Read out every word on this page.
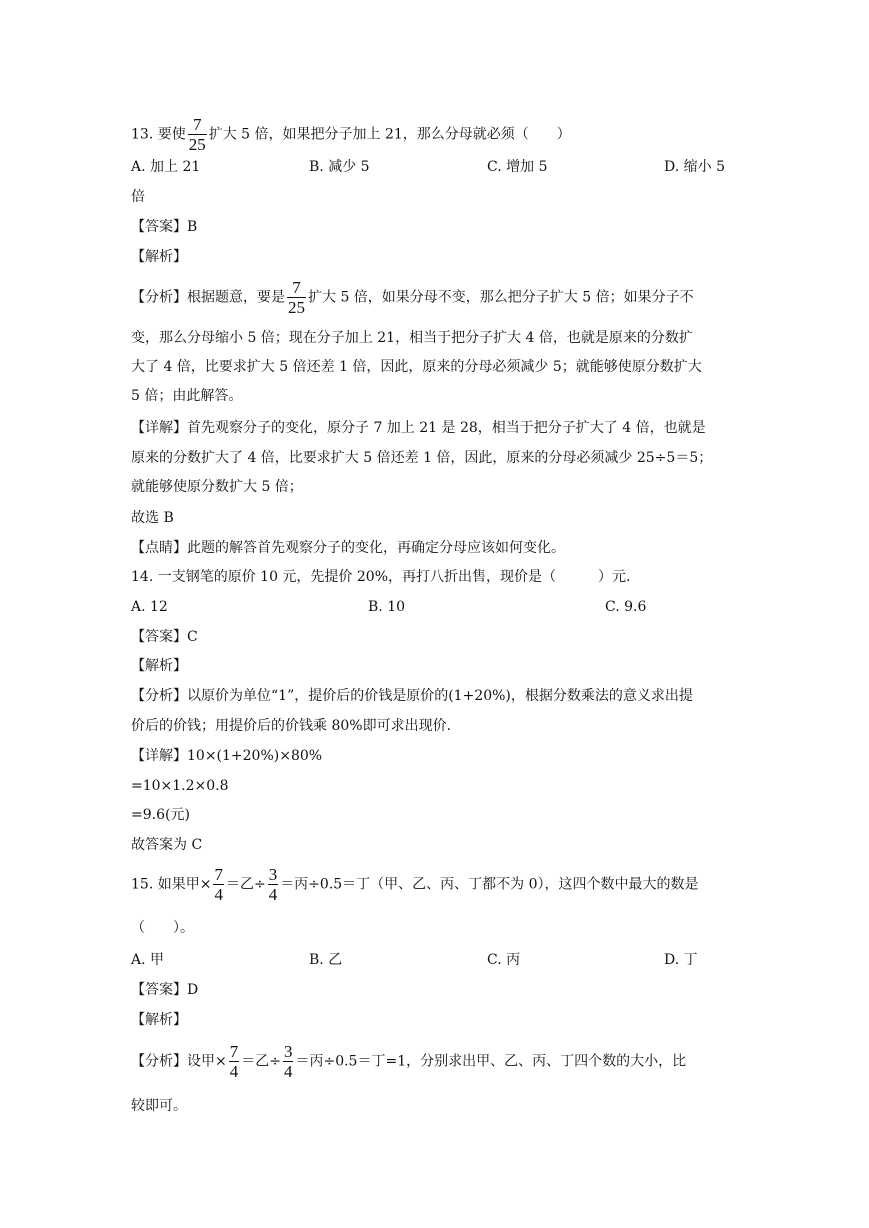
13. 要使 $\frac{7}{25}$ 扩大 5 倍，如果把分子加上 21，那么分母就必须（　　）
A. 加上 21	B. 减少 5	C. 增加 5	D. 缩小 5
倍
【答案】B
【解析】
【分析】根据题意，要是 $\frac{7}{25}$ 扩大 5 倍，如果分母不变，那么把分子扩大 5 倍；如果分子不
变，那么分母缩小 5 倍；现在分子加上 21，相当于把分子扩大 4 倍，也就是原来的分数扩
大了 4 倍，比要求扩大 5 倍还差 1 倍，因此，原来的分母必须减少 5；就能够使原分数扩大
5 倍；由此解答。
【详解】首先观察分子的变化，原分子 7 加上 21 是 28，相当于把分子扩大了 4 倍，也就是
原来的分数扩大了 4 倍，比要求扩大 5 倍还差 1 倍，因此，原来的分母必须减少 25÷5＝5；
就能够使原分数扩大 5 倍；
故选 B
【点睛】此题的解答首先观察分子的变化，再确定分母应该如何变化。
14. 一支钢笔的原价 10 元，先提价 20%，再打八折出售，现价是（　　　）元.
A. 12	B. 10	C. 9.6
【答案】C
【解析】
【分析】以原价为单位“1”，提价后的价钱是原价的(1+20%)，根据分数乘法的意义求出提
价后的价钱；用提价后的价钱乘 80%即可求出现价.
【详解】10×(1+20%)×80%
=10×1.2×0.8
=9.6(元)
故答案为 C
15. 如果甲× $\frac{7}{4}$ ＝乙÷ $\frac{3}{4}$ ＝丙÷0.5＝丁（甲、乙、丙、丁都不为 0），这四个数中最大的数是
（　　）。
A. 甲	B. 乙	C. 丙	D. 丁
【答案】D
【解析】
【分析】设甲× $\frac{7}{4}$ ＝乙÷ $\frac{3}{4}$ ＝丙÷0.5＝丁=1，分别求出甲、乙、丙、丁四个数的大小，比
较即可。
